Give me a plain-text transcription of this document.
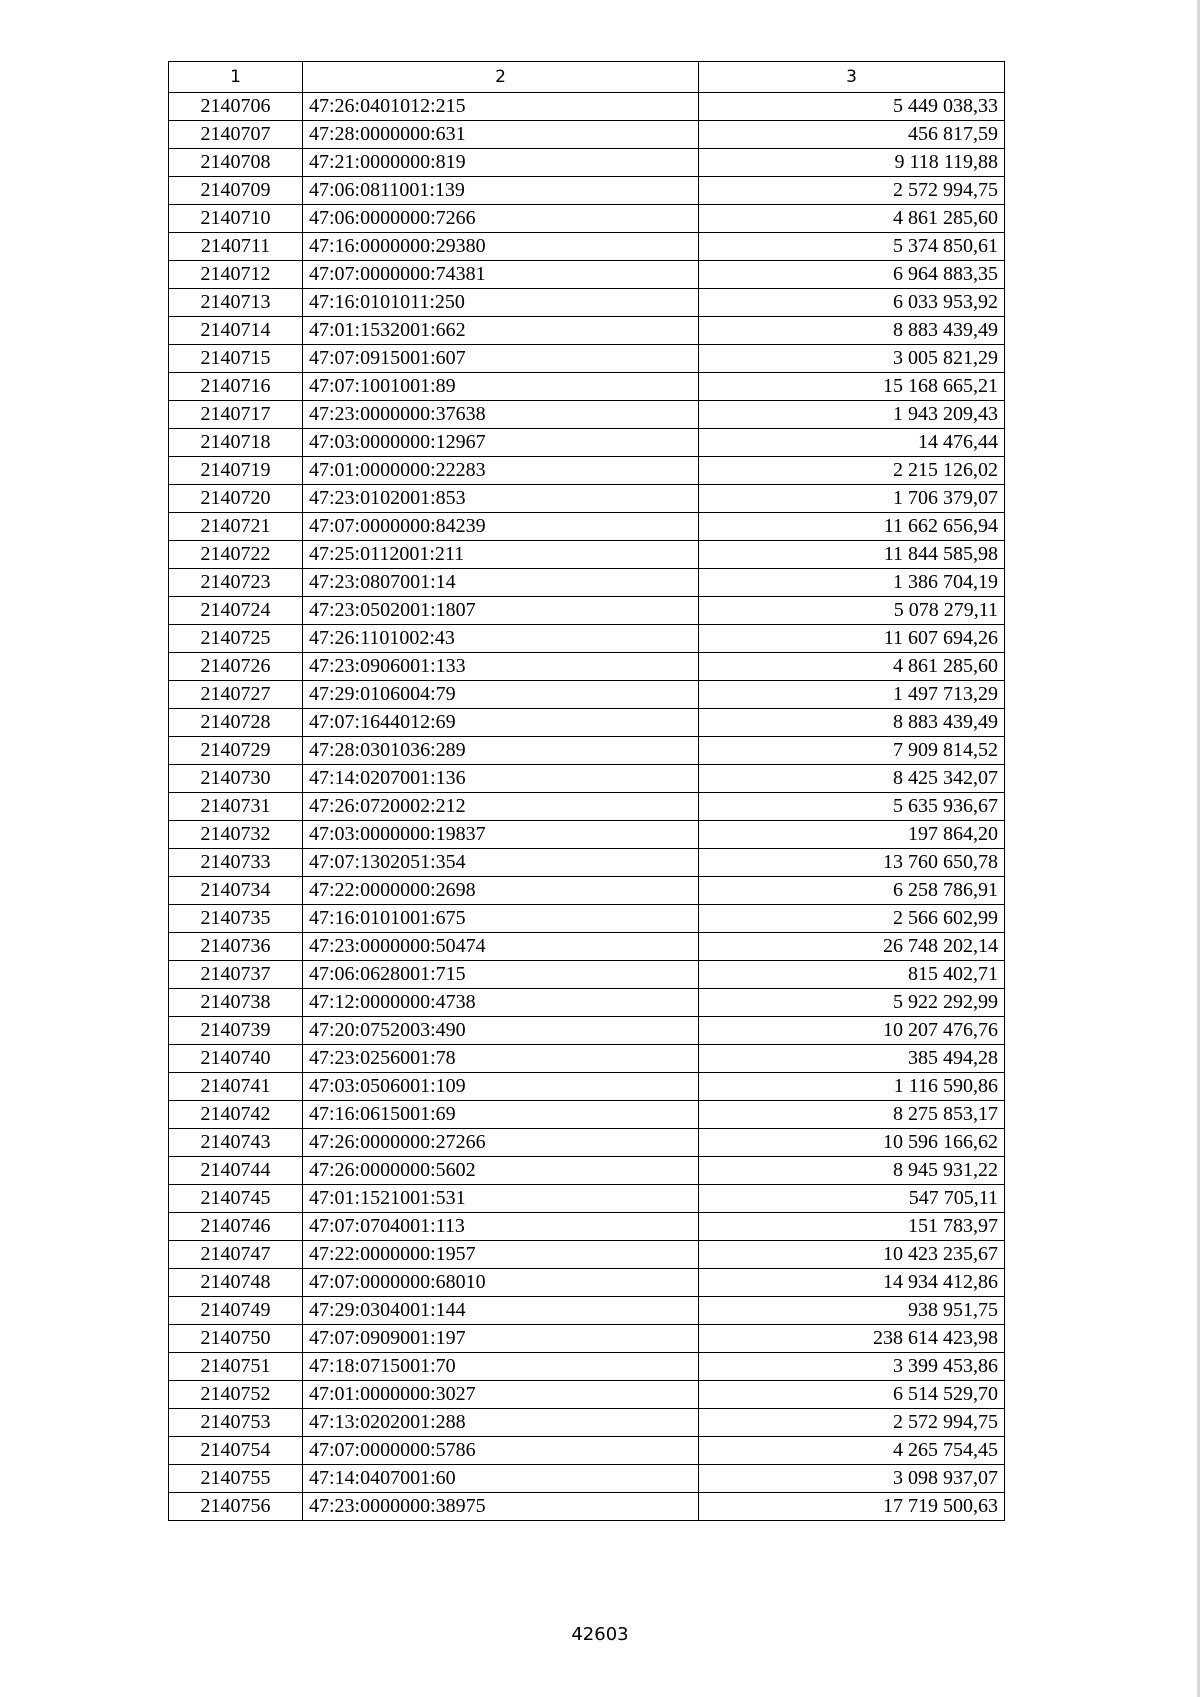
1	2	3
2140706	47:26:0401012:215	5 449 038,33
2140707	47:28:0000000:631	456 817,59
2140708	47:21:0000000:819	9 118 119,88
2140709	47:06:0811001:139	2 572 994,75
2140710	47:06:0000000:7266	4 861 285,60
2140711	47:16:0000000:29380	5 374 850,61
2140712	47:07:0000000:74381	6 964 883,35
2140713	47:16:0101011:250	6 033 953,92
2140714	47:01:1532001:662	8 883 439,49
2140715	47:07:0915001:607	3 005 821,29
2140716	47:07:1001001:89	15 168 665,21
2140717	47:23:0000000:37638	1 943 209,43
2140718	47:03:0000000:12967	14 476,44
2140719	47:01:0000000:22283	2 215 126,02
2140720	47:23:0102001:853	1 706 379,07
2140721	47:07:0000000:84239	11 662 656,94
2140722	47:25:0112001:211	11 844 585,98
2140723	47:23:0807001:14	1 386 704,19
2140724	47:23:0502001:1807	5 078 279,11
2140725	47:26:1101002:43	11 607 694,26
2140726	47:23:0906001:133	4 861 285,60
2140727	47:29:0106004:79	1 497 713,29
2140728	47:07:1644012:69	8 883 439,49
2140729	47:28:0301036:289	7 909 814,52
2140730	47:14:0207001:136	8 425 342,07
2140731	47:26:0720002:212	5 635 936,67
2140732	47:03:0000000:19837	197 864,20
2140733	47:07:1302051:354	13 760 650,78
2140734	47:22:0000000:2698	6 258 786,91
2140735	47:16:0101001:675	2 566 602,99
2140736	47:23:0000000:50474	26 748 202,14
2140737	47:06:0628001:715	815 402,71
2140738	47:12:0000000:4738	5 922 292,99
2140739	47:20:0752003:490	10 207 476,76
2140740	47:23:0256001:78	385 494,28
2140741	47:03:0506001:109	1 116 590,86
2140742	47:16:0615001:69	8 275 853,17
2140743	47:26:0000000:27266	10 596 166,62
2140744	47:26:0000000:5602	8 945 931,22
2140745	47:01:1521001:531	547 705,11
2140746	47:07:0704001:113	151 783,97
2140747	47:22:0000000:1957	10 423 235,67
2140748	47:07:0000000:68010	14 934 412,86
2140749	47:29:0304001:144	938 951,75
2140750	47:07:0909001:197	238 614 423,98
2140751	47:18:0715001:70	3 399 453,86
2140752	47:01:0000000:3027	6 514 529,70
2140753	47:13:0202001:288	2 572 994,75
2140754	47:07:0000000:5786	4 265 754,45
2140755	47:14:0407001:60	3 098 937,07
2140756	47:23:0000000:38975	17 719 500,63
42603
